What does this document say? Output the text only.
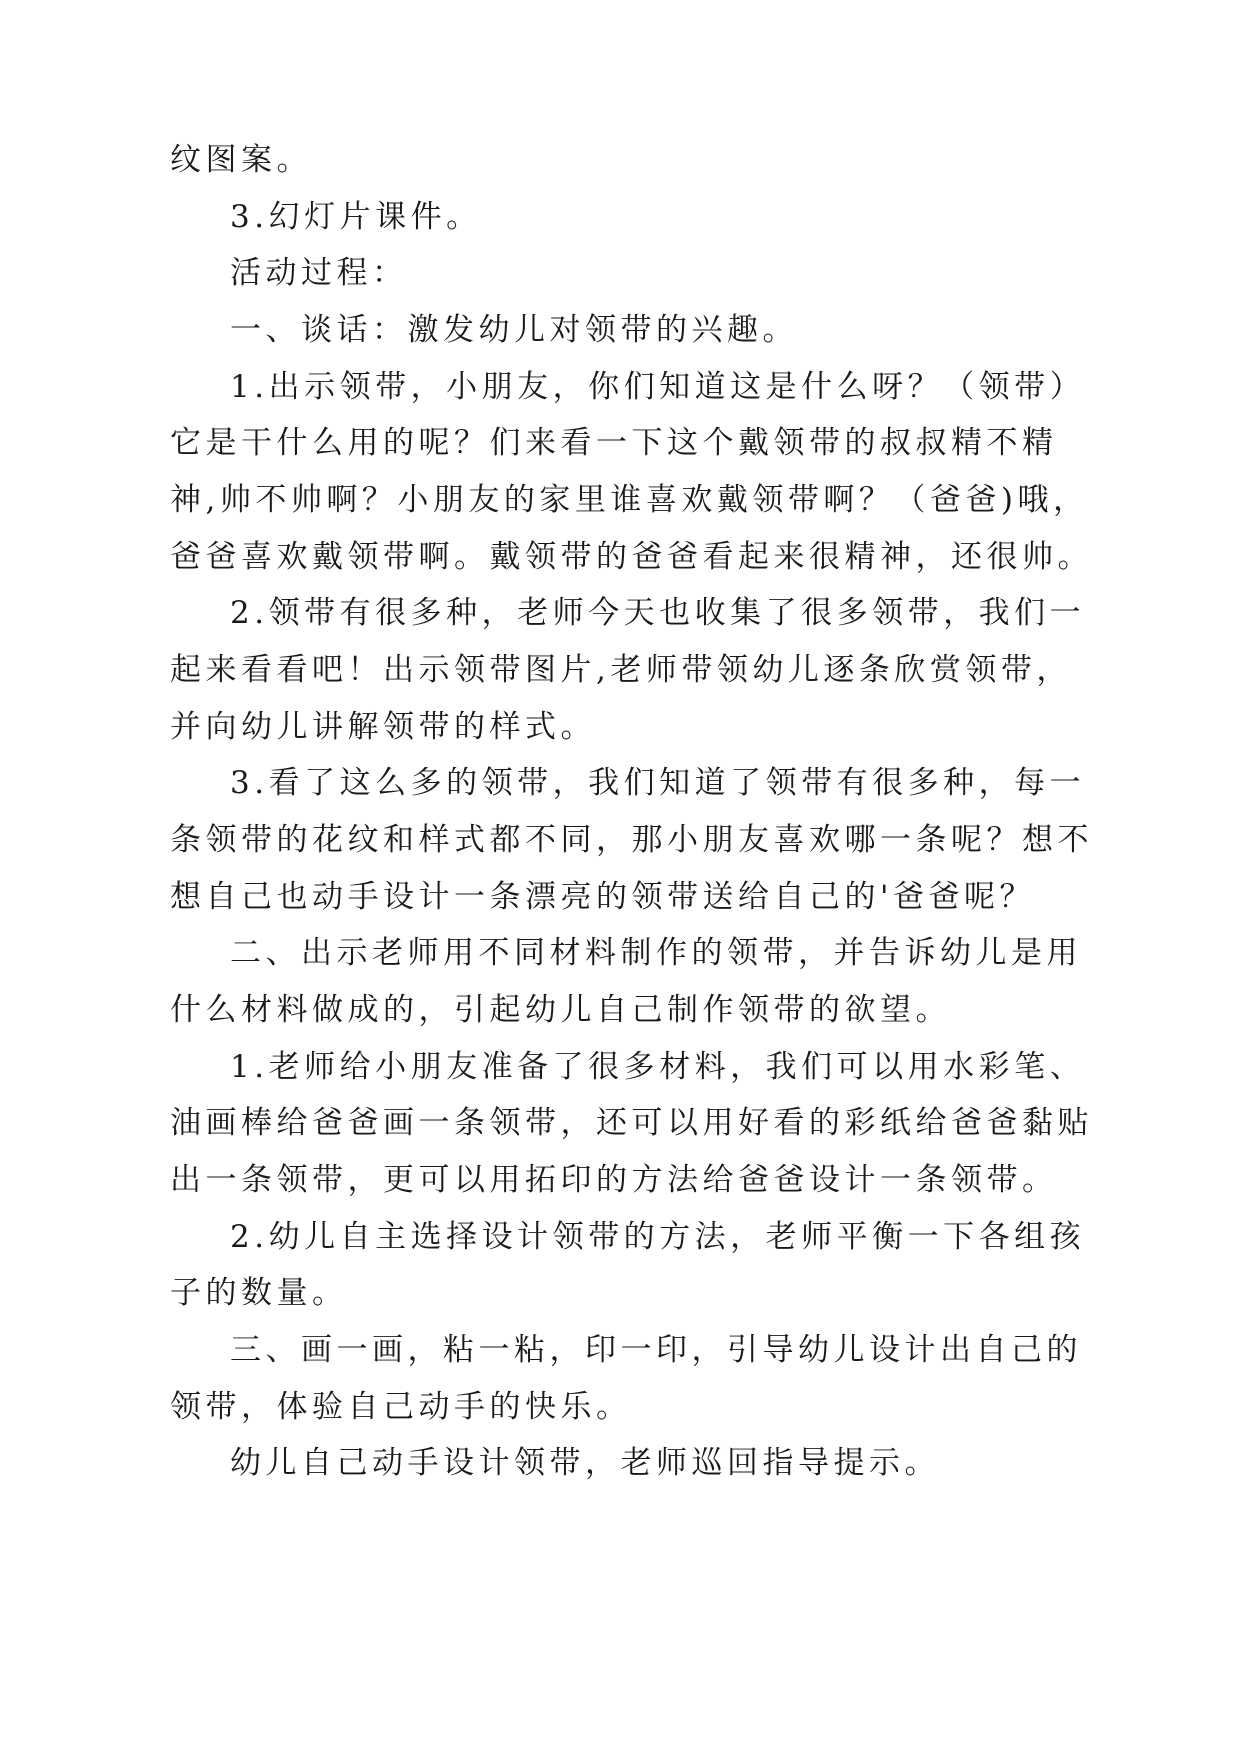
纹图案。
3.幻灯片课件。
活动过程：
一、谈话：激发幼儿对领带的兴趣。
1.出示领带，小朋友，你们知道这是什么呀？（领带）
它是干什么用的呢？们来看一下这个戴领带的叔叔精不精
神,帅不帅啊？小朋友的家里谁喜欢戴领带啊？（爸爸)哦，
爸爸喜欢戴领带啊。戴领带的爸爸看起来很精神，还很帅。
2.领带有很多种，老师今天也收集了很多领带，我们一
起来看看吧！出示领带图片,老师带领幼儿逐条欣赏领带，
并向幼儿讲解领带的样式。
3.看了这么多的领带，我们知道了领带有很多种，每一
条领带的花纹和样式都不同，那小朋友喜欢哪一条呢？想不
想自己也动手设计一条漂亮的领带送给自己的'爸爸呢？
二、出示老师用不同材料制作的领带，并告诉幼儿是用
什么材料做成的，引起幼儿自己制作领带的欲望。
1.老师给小朋友准备了很多材料，我们可以用水彩笔、
油画棒给爸爸画一条领带，还可以用好看的彩纸给爸爸黏贴
出一条领带，更可以用拓印的方法给爸爸设计一条领带。
2.幼儿自主选择设计领带的方法，老师平衡一下各组孩
子的数量。
三、画一画，粘一粘，印一印，引导幼儿设计出自己的
领带，体验自己动手的快乐。
幼儿自己动手设计领带，老师巡回指导提示。
